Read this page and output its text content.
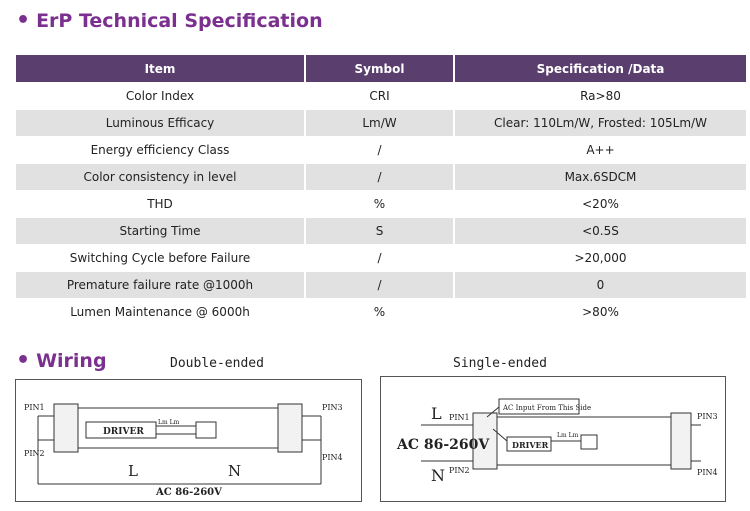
• ErP Technical Specification
Item	Symbol	Specification /Data
Color Index	CRI	Ra>80
Luminous Efficacy	Lm/W	Clear: 110Lm/W, Frosted: 105Lm/W
Energy efficiency Class	/	A++
Color consistency in level	/	Max.6SDCM
THD	%	<20%
Starting Time	S	<0.5S
Switching Cycle before Failure	/	>20,000
Premature failure rate @1000h	/	0
Lumen Maintenance @ 6000h	%	>80%
• Wiring	Double-ended	Single-ended
PIN1
PIN2
PIN3
PIN4
DRIVER
Lm Lm
L	N
AC 86-260V
PIN1
PIN2
PIN3
PIN4
AC Input From This Side
DRIVER
Lm Lm
L
N
AC 86-260V
